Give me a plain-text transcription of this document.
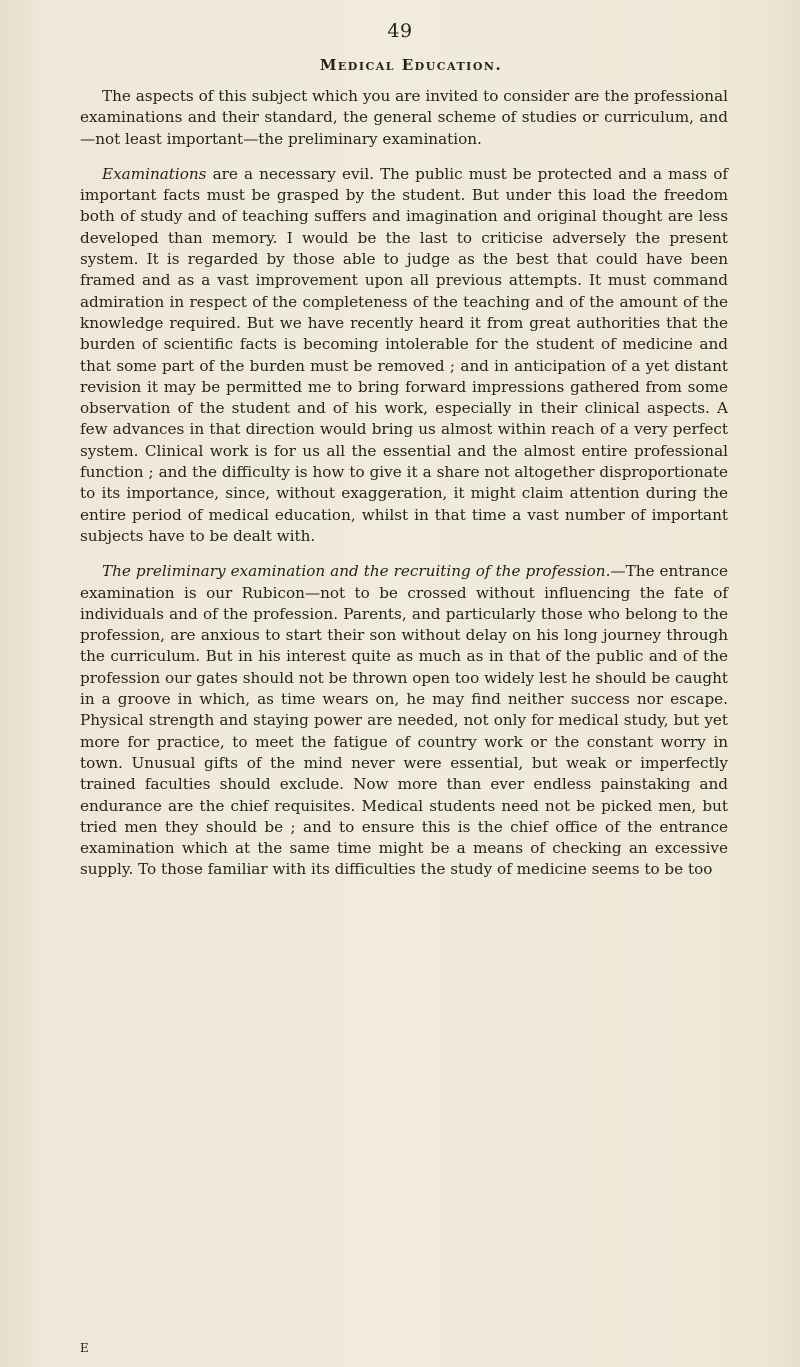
49
Medical Education.

The aspects of this subject which you are invited to consider are the professional examinations and their standard, the general scheme of studies or curriculum, and—not least important—the preliminary examination.

Examinations are a necessary evil. The public must be protected and a mass of important facts must be grasped by the student. But under this load the freedom both of study and of teaching suffers and imagination and original thought are less developed than memory. I would be the last to criticise adversely the present system. It is regarded by those able to judge as the best that could have been framed and as a vast improvement upon all previous attempts. It must command admiration in respect of the completeness of the teaching and of the amount of the knowledge required. But we have recently heard it from great authorities that the burden of scientific facts is becoming intolerable for the student of medicine and that some part of the burden must be removed ; and in anticipation of a yet distant revision it may be permitted me to bring forward impressions gathered from some observation of the student and of his work, especially in their clinical aspects. A few advances in that direction would bring us almost within reach of a very perfect system. Clinical work is for us all the essential and the almost entire professional function ; and the difficulty is how to give it a share not altogether disproportionate to its importance, since, without exaggeration, it might claim attention during the entire period of medical education, whilst in that time a vast number of important subjects have to be dealt with.

The preliminary examination and the recruiting of the profession.—The entrance examination is our Rubicon—not to be crossed without influencing the fate of individuals and of the profession. Parents, and particularly those who belong to the profession, are anxious to start their son without delay on his long journey through the curriculum. But in his interest quite as much as in that of the public and of the profession our gates should not be thrown open too widely lest he should be caught in a groove in which, as time wears on, he may find neither success nor escape. Physical strength and staying power are needed, not only for medical study, but yet more for practice, to meet the fatigue of country work or the constant worry in town. Unusual gifts of the mind never were essential, but weak or imperfectly trained faculties should exclude. Now more than ever endless painstaking and endurance are the chief requisites. Medical students need not be picked men, but tried men they should be ; and to ensure this is the chief office of the entrance examination which at the same time might be a means of checking an excessive supply. To those familiar with its difficulties the study of medicine seems to be too

E
